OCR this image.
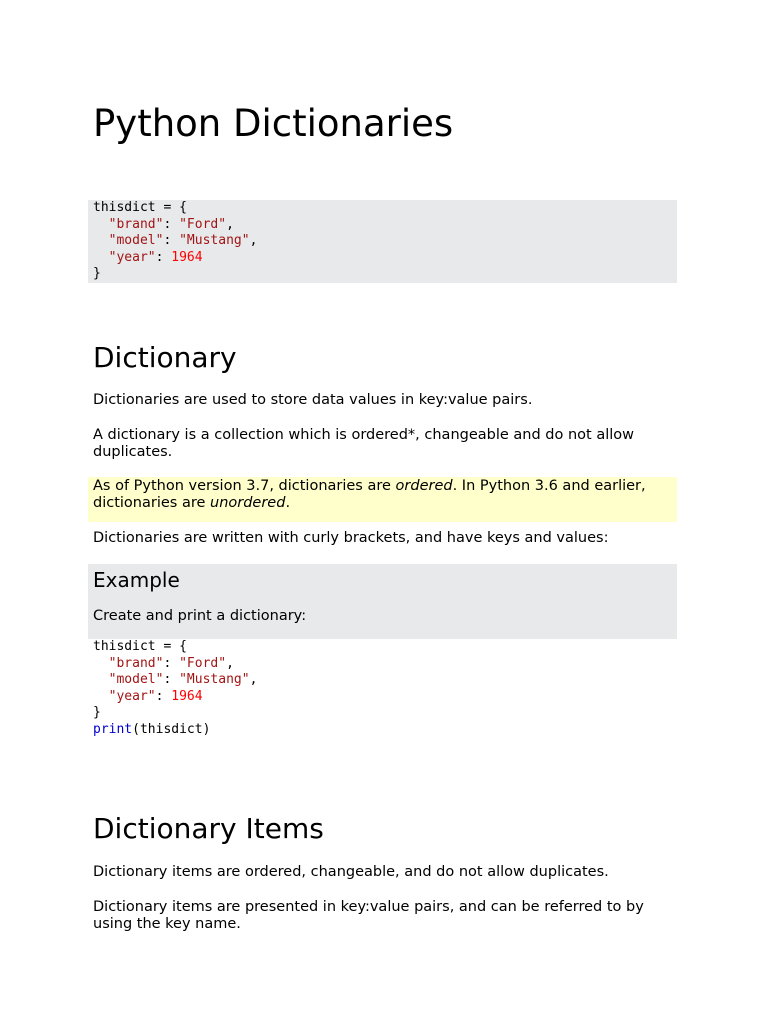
Python Dictionaries
thisdict = {
"brand": "Ford",
"model": "Mustang",
"year": 1964
}
Dictionary
Dictionaries are used to store data values in key:value pairs.
A dictionary is a collection which is ordered*, changeable and do not allow duplicates.
As of Python version 3.7, dictionaries are ordered. In Python 3.6 and earlier, dictionaries are unordered.
Dictionaries are written with curly brackets, and have keys and values:
Example
Create and print a dictionary:
thisdict = {
"brand": "Ford",
"model": "Mustang",
"year": 1964
}
print(thisdict)
Dictionary Items
Dictionary items are ordered, changeable, and do not allow duplicates.
Dictionary items are presented in key:value pairs, and can be referred to by using the key name.
